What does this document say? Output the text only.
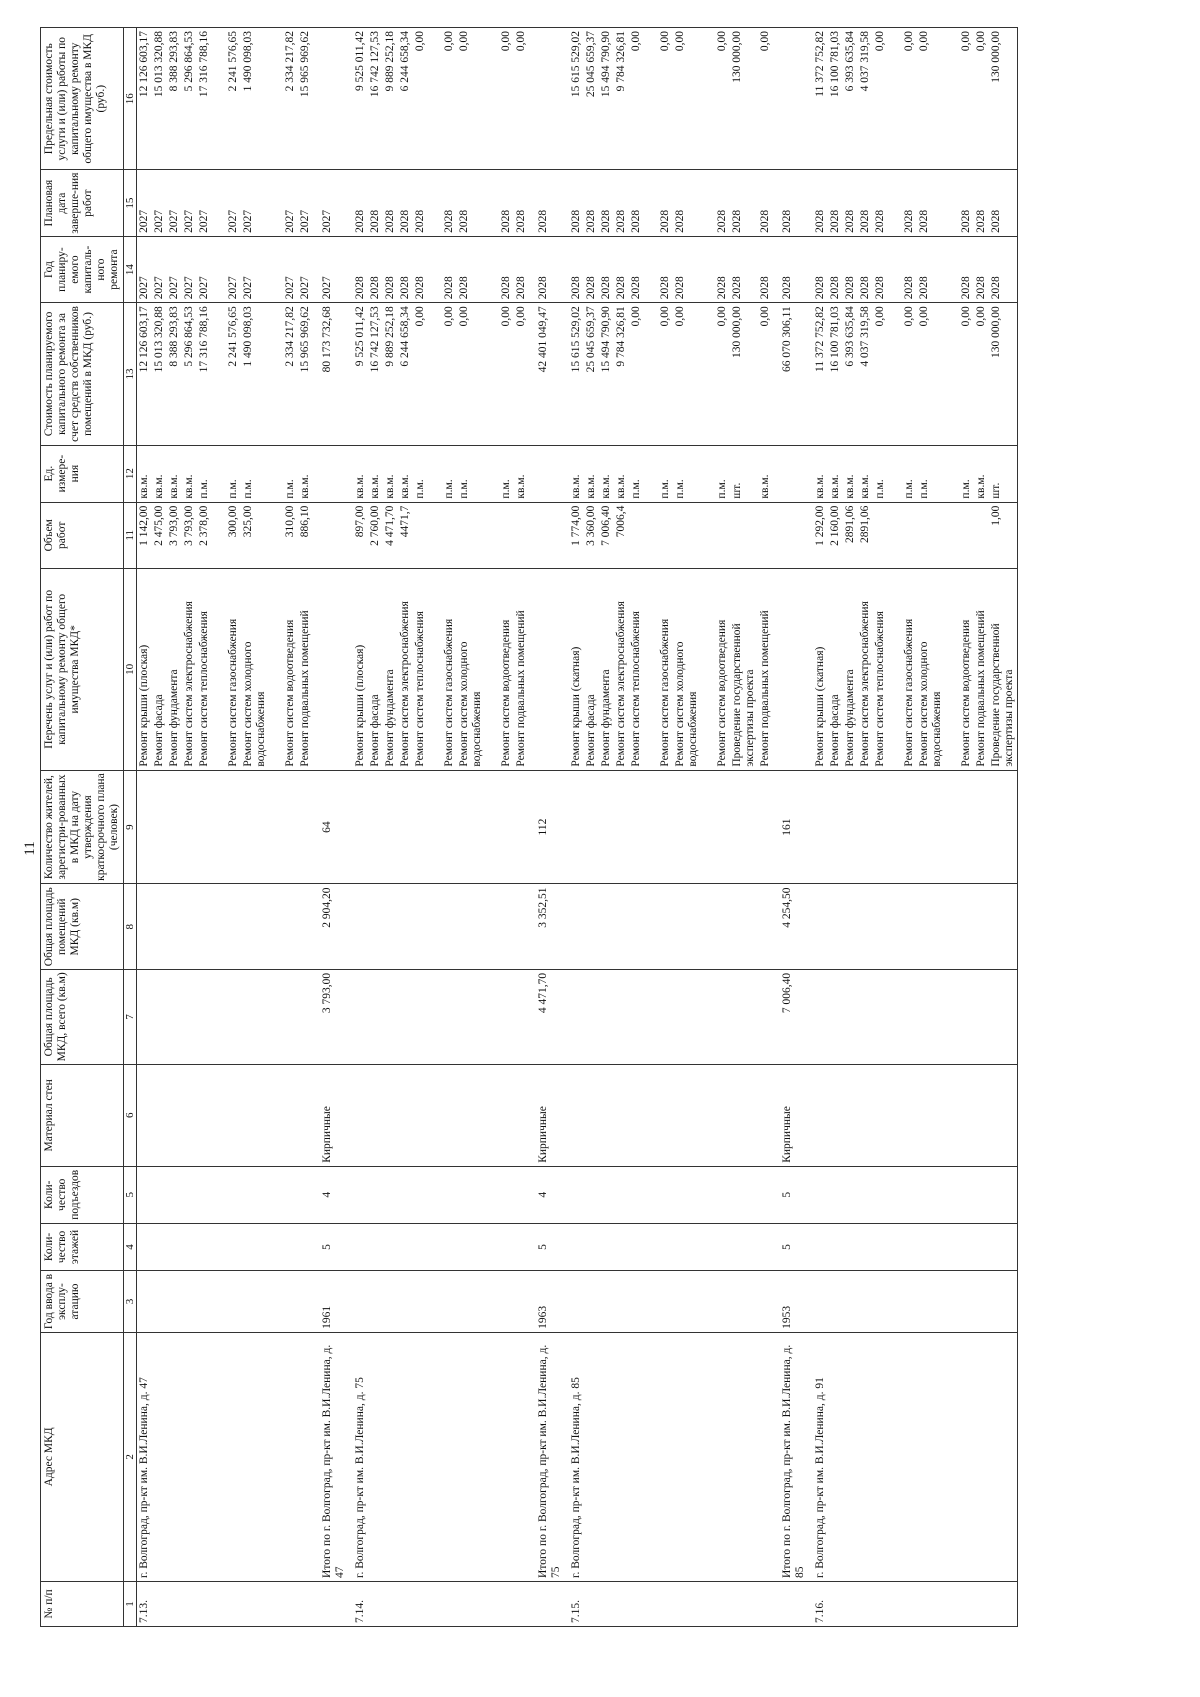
11
№ п/п	Адрес МКД	Год ввода в эксплу-атацию	Коли-чество этажей	Коли-чество подъездов	Материал стен	Общая площадь МКД, всего (кв.м)	Общая площадь помещений МКД (кв.м)	Количество жителей, зарегистри-рованных в МКД на дату утверждения краткосрочного плана (человек)	Перечень услуг и (или) работ по капитальному ремонту общего имущества МКД*	Объем работ	Ед. измере-ния	Стоимость планируемого капитального ремонта за счет средств собственников помещений в МКД (руб.)	Год планиру-емого капиталь-ного ремонта	Плановая дата заверше-ния работ	Предельная стоимость услуги и (или) работы по капитальному ремонту общего имущества в МКД (руб.)
1	2	3	4	5	6	7	8	9	10	11	12	13	14	15	16
7.13.	г. Волгоград, пр-кт им. В.И.Ленина, д. 47								Ремонт крыши (плоская)	1 142,00	кв.м.	12 126 603,17	2027	2027	12 126 603,17
									Ремонт фасада	2 475,00	кв.м.	15 013 320,88	2027	2027	15 013 320,88
									Ремонт фундамента	3 793,00	кв.м.	8 388 293,83	2027	2027	8 388 293,83
									Ремонт систем электроснабжения	3 793,00	кв.м.	5 296 864,53	2027	2027	5 296 864,53
									Ремонт систем теплоснабжения	2 378,00	п.м.	17 316 788,16	2027	2027	17 316 788,16

									Ремонт систем газоснабжения	300,00	п.м.	2 241 576,65	2027	2027	2 241 576,65
									Ремонт систем холодного водоснабжения	325,00	п.м.	1 490 098,03	2027	2027	1 490 098,03

									Ремонт систем водоотведения	310,00	п.м.	2 334 217,82	2027	2027	2 334 217,82
									Ремонт подвальных помещений	886,10	кв.м.	15 965 969,62	2027	2027	15 965 969,62
	Итого по г. Волгоград, пр-кт им. В.И.Ленина, д. 47	1961	5	4	Кирпичные	3 793,00	2 904,20	64				80 173 732,68	2027	2027	
7.14.	г. Волгоград, пр-кт им. В.И.Ленина, д. 75								Ремонт крыши (плоская)	897,00	кв.м.	9 525 011,42	2028	2028	9 525 011,42
									Ремонт фасада	2 760,00	кв.м.	16 742 127,53	2028	2028	16 742 127,53
									Ремонт фундамента	4 471,70	кв.м.	9 889 252,18	2028	2028	9 889 252,18
									Ремонт систем электроснабжения	4471,7	кв.м.	6 244 658,34	2028	2028	6 244 658,34
									Ремонт систем теплоснабжения		п.м.	0,00	2028	2028	0,00

									Ремонт систем газоснабжения		п.м.	0,00	2028	2028	0,00
									Ремонт систем холодного водоснабжения		п.м.	0,00	2028	2028	0,00

									Ремонт систем водоотведения		п.м.	0,00	2028	2028	0,00
									Ремонт подвальных помещений		кв.м.	0,00	2028	2028	0,00
	Итого по г. Волгоград, пр-кт им. В.И.Ленина, д. 75	1963	5	4	Кирпичные	4 471,70	3 352,51	112				42 401 049,47	2028	2028	
7.15.	г. Волгоград, пр-кт им. В.И.Ленина, д. 85								Ремонт крыши (скатная)	1 774,00	кв.м.	15 615 529,02	2028	2028	15 615 529,02
									Ремонт фасада	3 360,00	кв.м.	25 045 659,37	2028	2028	25 045 659,37
									Ремонт фундамента	7 006,40	кв.м.	15 494 790,90	2028	2028	15 494 790,90
									Ремонт систем электроснабжения	7006,4	кв.м.	9 784 326,81	2028	2028	9 784 326,81
									Ремонт систем теплоснабжения		п.м.	0,00	2028	2028	0,00

									Ремонт систем газоснабжения		п.м.	0,00	2028	2028	0,00
									Ремонт систем холодного водоснабжения		п.м.	0,00	2028	2028	0,00

									Ремонт систем водоотведения		п.м.	0,00	2028	2028	0,00
									Проведение государственной экспертизы проекта		шт.	130 000,00	2028	2028	130 000,00
									Ремонт подвальных помещений		кв.м.	0,00	2028	2028	0,00
	Итого по г. Волгоград, пр-кт им. В.И.Ленина, д. 85	1953	5	5	Кирпичные	7 006,40	4 254,50	161				66 070 306,11	2028	2028	
7.16.	г. Волгоград, пр-кт им. В.И.Ленина, д. 91								Ремонт крыши (скатная)	1 292,00	кв.м.	11 372 752,82	2028	2028	11 372 752,82
									Ремонт фасада	2 160,00	кв.м.	16 100 781,03	2028	2028	16 100 781,03
									Ремонт фундамента	2891,06	кв.м.	6 393 635,84	2028	2028	6 393 635,84
									Ремонт систем электроснабжения	2891,06	кв.м.	4 037 319,58	2028	2028	4 037 319,58
									Ремонт систем теплоснабжения		п.м.	0,00	2028	2028	0,00

									Ремонт систем газоснабжения		п.м.	0,00	2028	2028	0,00
									Ремонт систем холодного водоснабжения		п.м.	0,00	2028	2028	0,00

									Ремонт систем водоотведения		п.м.	0,00	2028	2028	0,00
									Ремонт подвальных помещений		кв.м.	0,00	2028	2028	0,00
									Проведение государственной экспертизы проекта	1,00	шт.	130 000,00	2028	2028	130 000,00
